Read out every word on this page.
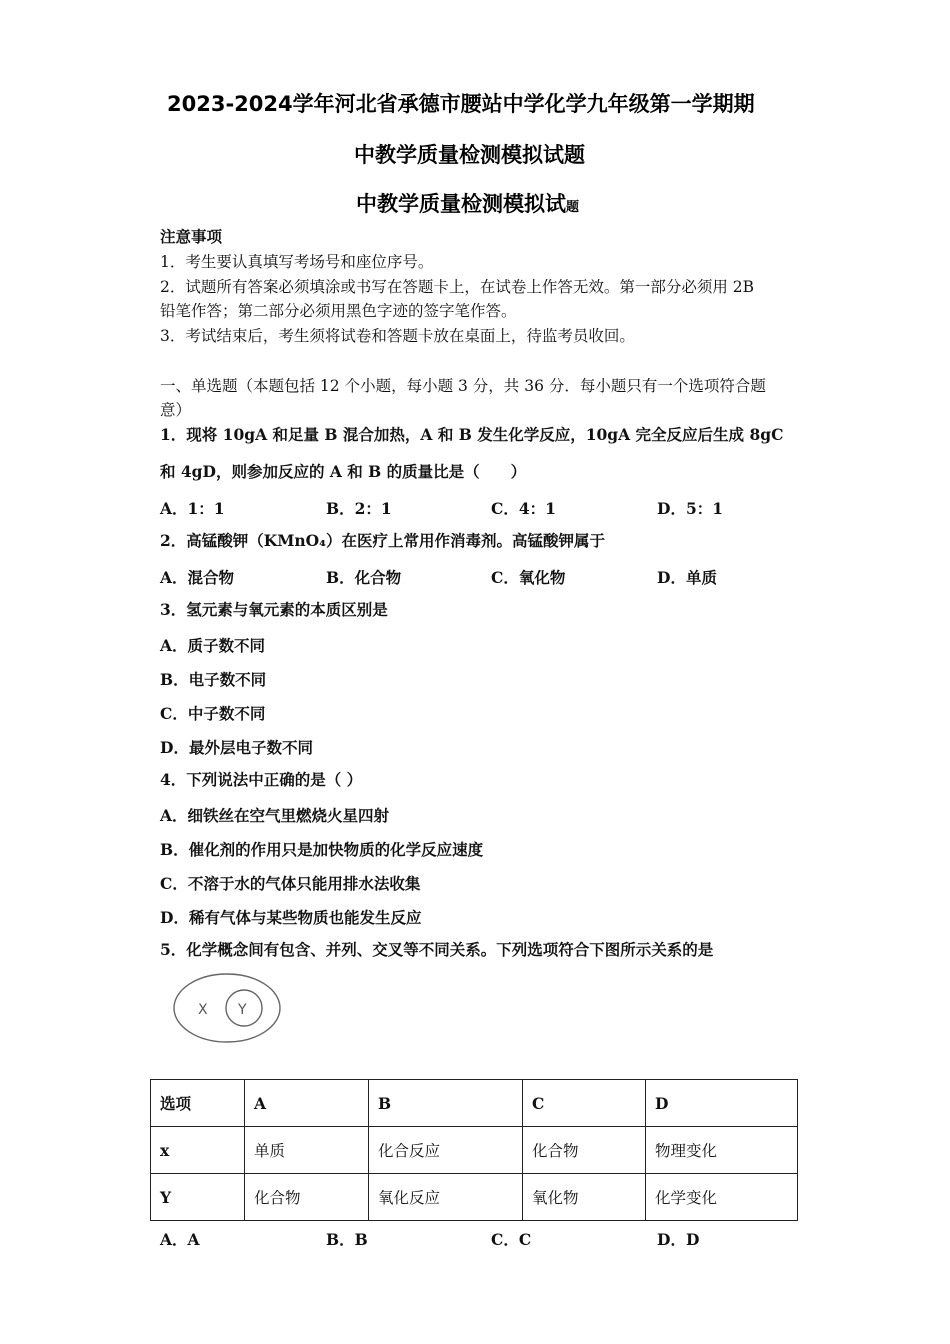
2023-2024学年河北省承德市腰站中学化学九年级第一学期期
中教学质量检测模拟试题
中教学质量检测模拟试题
注意事项
1．考生要认真填写考场号和座位序号。
2．试题所有答案必须填涂或书写在答题卡上，在试卷上作答无效。第一部分必须用 2B
铅笔作答；第二部分必须用黑色字迹的签字笔作答。
3．考试结束后，考生须将试卷和答题卡放在桌面上，待监考员收回。
一、单选题（本题包括 12 个小题，每小题 3 分，共 36 分．每小题只有一个选项符合题
意）
1．现将 10gA 和足量 B 混合加热，A 和 B 发生化学反应，10gA 完全反应后生成 8gC
和 4gD，则参加反应的 A 和 B 的质量比是（　　）
A．1：1	B．2：1	C．4：1	D．5：1
2．高锰酸钾（KMnO₄）在医疗上常用作消毒剂。高锰酸钾属于
A．混合物	B．化合物	C．氧化物	D．单质
3．氢元素与氧元素的本质区别是
A．质子数不同
B．电子数不同
C．中子数不同
D．最外层电子数不同
4．下列说法中正确的是（ ）
A．细铁丝在空气里燃烧火星四射
B．催化剂的作用只是加快物质的化学反应速度
C．不溶于水的气体只能用排水法收集
D．稀有气体与某些物质也能发生反应
5．化学概念间有包含、并列、交叉等不同关系。下列选项符合下图所示关系的是
X Y
选项	A	B	C	D
x	单质	化合反应	化合物	物理变化
Y	化合物	氧化反应	氧化物	化学变化
A．A	B．B	C．C	D．D
